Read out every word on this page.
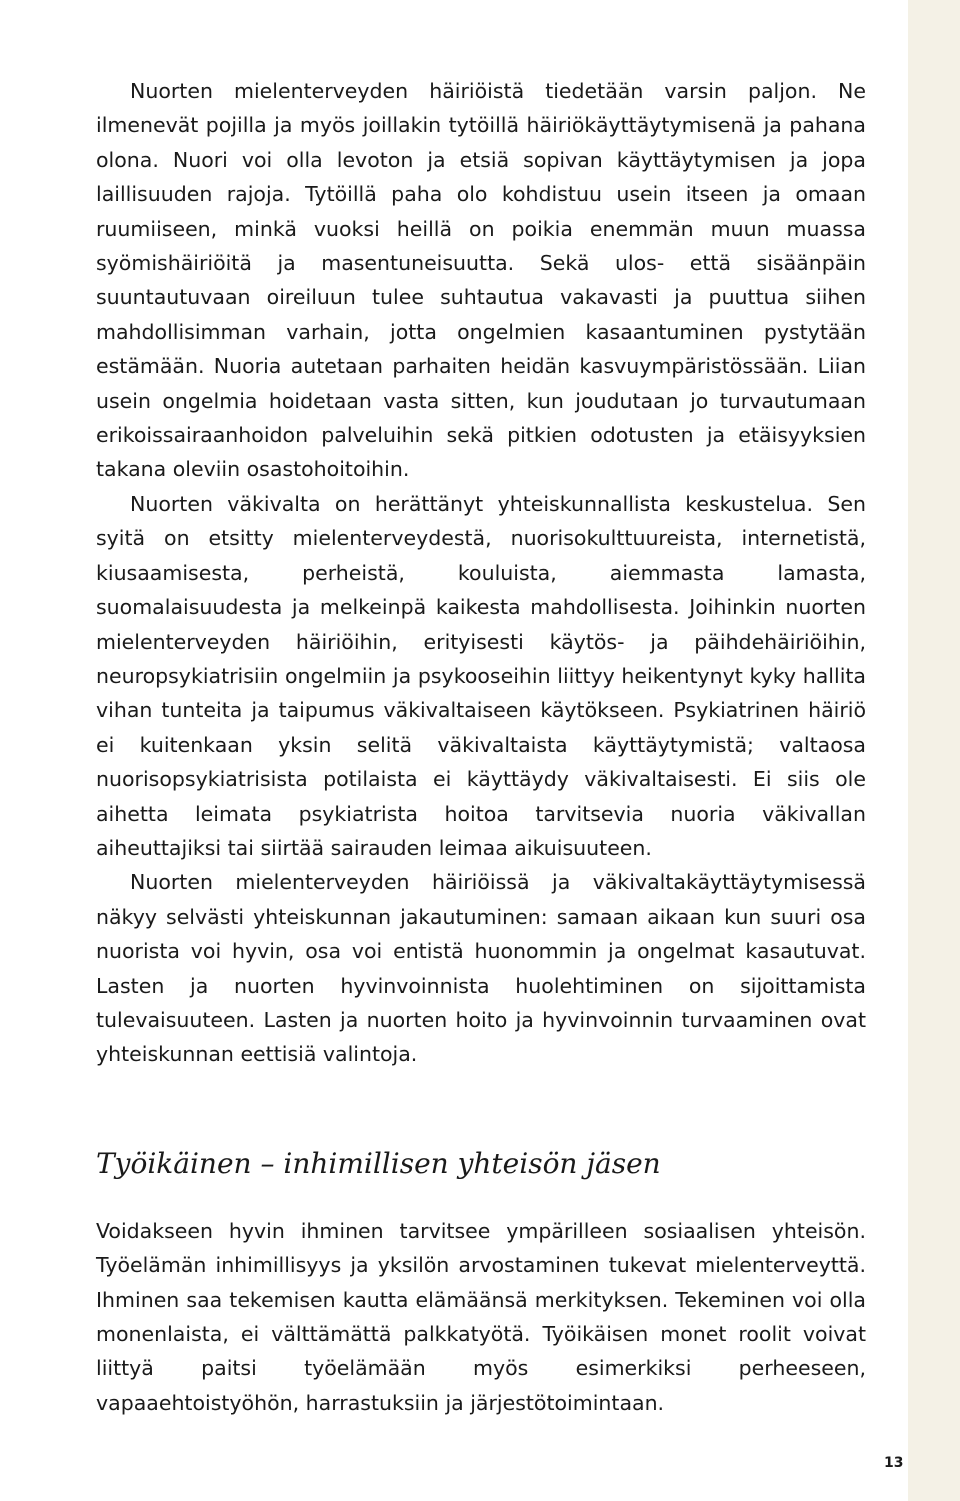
Nuorten mielenterveyden häiriöistä tiedetään varsin paljon. Ne ilmenevät pojilla ja myös joillakin tytöillä häiriökäyttäytymisenä ja pahana olona. Nuori voi olla levoton ja etsiä sopivan käyttäytymisen ja jopa laillisuuden rajoja. Tytöillä paha olo kohdistuu usein itseen ja omaan ruumiiseen, minkä vuoksi heillä on poikia enemmän muun muassa syömishäiriöitä ja masentuneisuutta. Sekä ulos- että sisäänpäin suuntautuvaan oireiluun tulee suhtautua vakavasti ja puuttua siihen mahdollisimman varhain, jotta ongelmien kasaantuminen pystytään estämään. Nuoria autetaan parhaiten heidän kasvuympäristössään. Liian usein ongelmia hoidetaan vasta sitten, kun joudutaan jo turvautumaan erikoissairaanhoidon palveluihin sekä pitkien odotusten ja etäisyyksien takana oleviin osastohoitoihin.

Nuorten väkivalta on herättänyt yhteiskunnallista keskustelua. Sen syitä on etsitty mielenterveydestä, nuorisokulttuureista, internetistä, kiusaamisesta, perheistä, kouluista, aiemmasta lamasta, suomalaisuudesta ja melkeinpä kaikesta mahdollisesta. Joihinkin nuorten mielenterveyden häiriöihin, erityisesti käytös- ja päihdehäiriöihin, neuropsykiatrisiin ongelmiin ja psykooseihin liittyy heikentynyt kyky hallita vihan tunteita ja taipumus väkivaltaiseen käytökseen. Psykiatrinen häiriö ei kuitenkaan yksin selitä väkivaltaista käyttäytymistä; valtaosa nuorisopsykiatrisista potilaista ei käyttäydy väkivaltaisesti. Ei siis ole aihetta leimata psykiatrista hoitoa tarvitsevia nuoria väkivallan aiheuttajiksi tai siirtää sairauden leimaa aikuisuuteen.

Nuorten mielenterveyden häiriöissä ja väkivaltakäyttäytymisessä näkyy selvästi yhteiskunnan jakautuminen: samaan aikaan kun suuri osa nuorista voi hyvin, osa voi entistä huonommin ja ongelmat kasautuvat. Lasten ja nuorten hyvinvoinnista huolehtiminen on sijoittamista tulevaisuuteen. Lasten ja nuorten hoito ja hyvinvoinnin turvaaminen ovat yhteiskunnan eettisiä valintoja.

Työikäinen – inhimillisen yhteisön jäsen

Voidakseen hyvin ihminen tarvitsee ympärilleen sosiaalisen yhteisön. Työelämän inhimillisyys ja yksilön arvostaminen tukevat mielenterveyttä. Ihminen saa tekemisen kautta elämäänsä merkityksen. Tekeminen voi olla monenlaista, ei välttämättä palkkatyötä. Työikäisen monet roolit voivat liittyä paitsi työelämään myös esimerkiksi perheeseen, vapaaehtoistyöhön, harrastuksiin ja järjestötoimintaan.

13
